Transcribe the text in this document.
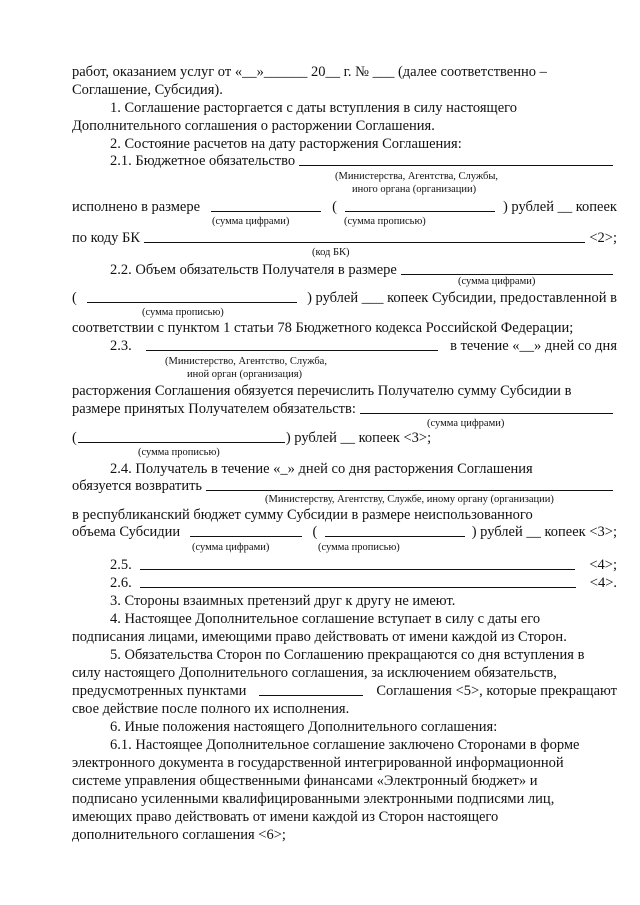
работ, оказанием услуг от «__»______ 20__ г. № ___ (далее соответственно –
Соглашение, Субсидия).
1. Соглашение расторгается с даты вступления в силу настоящего
Дополнительного соглашения о расторжении Соглашения.
2. Состояние расчетов на дату расторжения Соглашения:
2.1. Бюджетное обязательство
(Министерства, Агентства, Службы,
иного органа (организации)
исполнено в размере	(	) рублей __ копеек
(сумма цифрами)	(сумма прописью)
по коду БК	<2>;
(код БК)
2.2. Объем обязательств Получателя в размере
(сумма цифрами)
(	) рублей ___ копеек Субсидии, предоставленной в
(сумма прописью)
соответствии с пунктом 1 статьи 78 Бюджетного кодекса Российской Федерации;
2.3.	в течение «__» дней со дня
(Министерство, Агентство, Служба,
иной орган (организация)
расторжения Соглашения обязуется перечислить Получателю сумму Субсидии в
размере принятых Получателем обязательств:
(сумма цифрами)
(	) рублей __ копеек <3>;
(сумма прописью)
2.4. Получатель в течение «_» дней со дня расторжения Соглашения
обязуется возвратить
(Министерству, Агентству, Службе, иному органу (организации)
в республиканский бюджет сумму Субсидии в размере неиспользованного
объема Субсидии	(	) рублей __ копеек <3>;
(сумма цифрами)	(сумма прописью)
2.5.	<4>;
2.6.	<4>.
3. Стороны взаимных претензий друг к другу не имеют.
4. Настоящее Дополнительное соглашение вступает в силу с даты его
подписания лицами, имеющими право действовать от имени каждой из Сторон.
5. Обязательства Сторон по Соглашению прекращаются со дня вступления в
силу настоящего Дополнительного соглашения, за исключением обязательств,
предусмотренных пунктами	Соглашения <5>, которые прекращают
свое действие после полного их исполнения.
6. Иные положения настоящего Дополнительного соглашения:
6.1. Настоящее Дополнительное соглашение заключено Сторонами в форме
электронного документа в государственной интегрированной информационной
системе управления общественными финансами «Электронный бюджет» и
подписано усиленными квалифицированными электронными подписями лиц,
имеющих право действовать от имени каждой из Сторон настоящего
дополнительного соглашения <6>;
